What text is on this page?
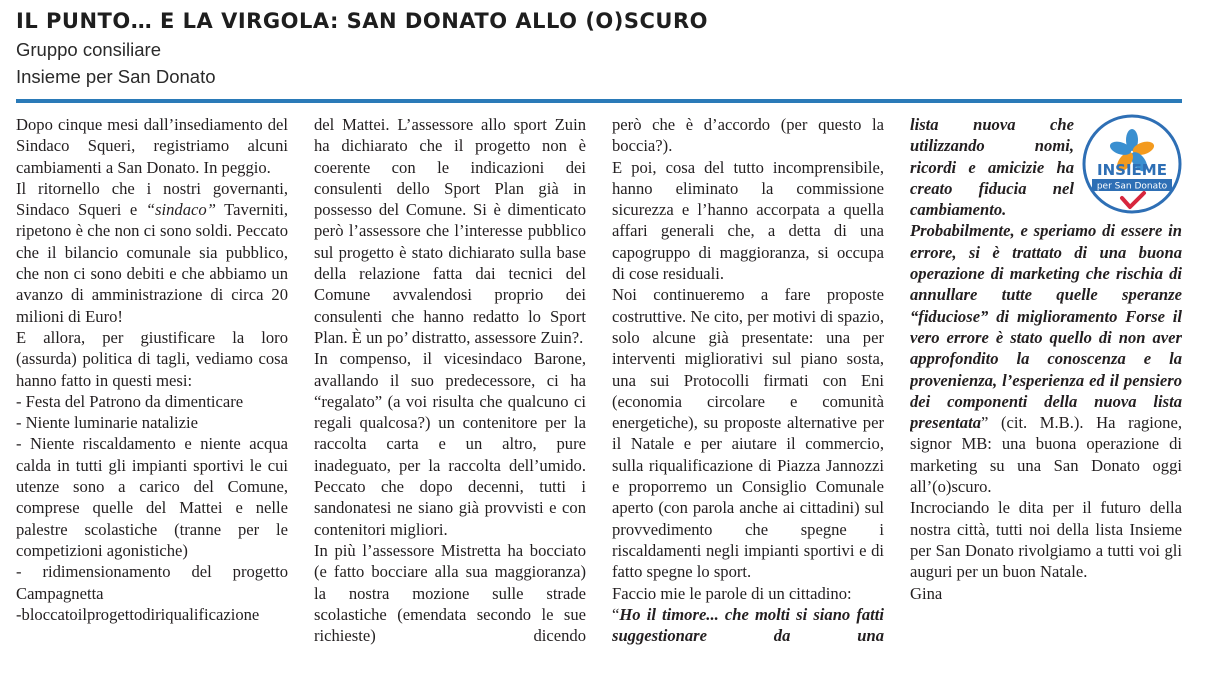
IL PUNTO… E LA VIRGOLA: SAN DONATO ALLO (O)SCURO
Gruppo consiliare
Insieme per San Donato

Dopo cinque mesi dall’insediamento del Sindaco Squeri, registriamo alcuni cambiamenti a San Donato. In peggio.

Il ritornello che i nostri governanti, Sindaco Squeri e “sindaco” Taverniti, ripetono è che non ci sono soldi. Peccato che il bilancio comunale sia pubblico, che non ci sono debiti e che abbiamo un avanzo di amministrazione di circa 20 milioni di Euro!

E allora, per giustificare la loro (assurda) politica di tagli, vediamo cosa hanno fatto in questi mesi:

- Festa del Patrono da dimenticare

- Niente luminarie natalizie

- Niente riscaldamento e niente acqua calda in tutti gli impianti sportivi le cui utenze sono a carico del Comune, comprese quelle del Mattei e nelle palestre scolastiche (tranne per le competizioni agonistiche)

- ridimensionamento del progetto Campagnetta

-bloccatoilprogettodiriqualificazione

del Mattei. L’assessore allo sport Zuin ha dichiarato che il progetto non è coerente con le indicazioni dei consulenti dello Sport Plan già in possesso del Comune. Si è dimenticato però l’assessore che l’interesse pubblico sul progetto è stato dichiarato sulla base della relazione fatta dai tecnici del Comune avvalendosi proprio dei consulenti che hanno redatto lo Sport Plan. È un po’ distratto, assessore Zuin?.

In compenso, il vicesindaco Barone, avallando il suo predecessore, ci ha “regalato” (a voi risulta che qualcuno ci regali qualcosa?) un contenitore per la raccolta carta e un altro, pure inadeguato, per la raccolta dell’umido. Peccato che dopo decenni, tutti i sandonatesi ne siano già provvisti e con contenitori migliori.

In più l’assessore Mistretta ha bocciato (e fatto bocciare alla sua maggioranza) la nostra mozione sulle strade scolastiche (emendata secondo le sue richieste) dicendo

però che è d’accordo (per questo la boccia?).

E poi, cosa del tutto incomprensibile, hanno eliminato la commissione sicurezza e l’hanno accorpata a quella affari generali che, a detta di una capogruppo di maggioranza, si occupa di cose residuali.

Noi continueremo a fare proposte costruttive. Ne cito, per motivi di spazio, solo alcune già presentate: una per interventi migliorativi sul piano sosta, una sui Protocolli firmati con Eni (economia circolare e comunità energetiche), su proposte alternative per il Natale e per aiutare il commercio, sulla riqualificazione di Piazza Jannozzi e proporremo un Consiglio Comunale aperto (con parola anche ai cittadini) sul provvedimento che spegne i riscaldamenti negli impianti sportivi e di fatto spegne lo sport.

Faccio mie le parole di un cittadino:

“Ho il timore... che molti si siano fatti suggestionare da una

INSIEME
per San Donato

lista nuova che utilizzando nomi, ricordi e amicizie ha creato fiducia nel cambiamento. Probabilmente, e speriamo di essere in errore, si è trattato di una buona operazione di marketing che rischia di annullare tutte quelle speranze “fiduciose” di miglioramento Forse il vero errore è stato quello di non aver approfondito la conoscenza e la provenienza, l’esperienza ed il pensiero dei componenti della nuova lista presentata” (cit. M.B.). Ha ragione, signor MB: una buona operazione di marketing su una San Donato oggi all’(o)scuro.

Incrociando le dita per il futuro della nostra città, tutti noi della lista Insieme per San Donato rivolgiamo a tutti voi gli auguri per un buon Natale.

Gina
